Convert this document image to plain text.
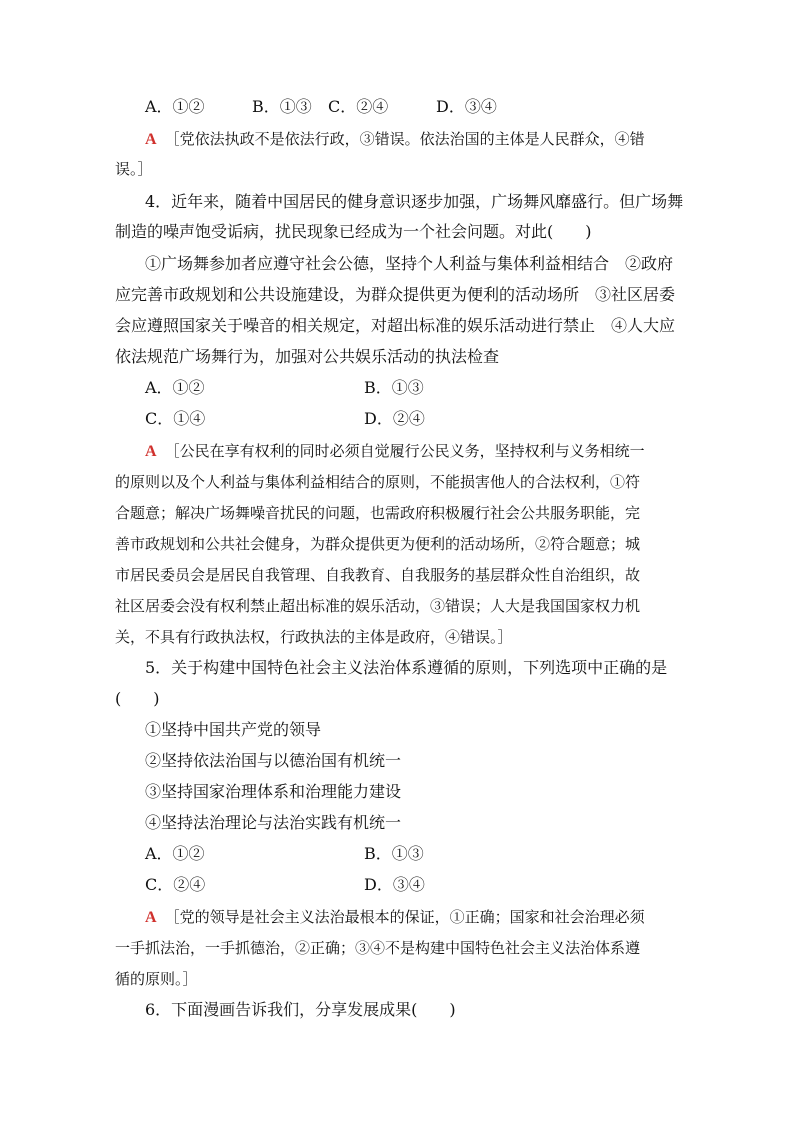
A．①②	B．①③ C．②④	D．③④
A ［党依法执政不是依法行政，③错误。依法治国的主体是人民群众，④错
误。］
4．近年来，随着中国居民的健身意识逐步加强，广场舞风靡盛行。但广场舞
制造的噪声饱受诟病，扰民现象已经成为一个社会问题。对此(　　)
①广场舞参加者应遵守社会公德，坚持个人利益与集体利益相结合　②政府
应完善市政规划和公共设施建设，为群众提供更为便利的活动场所　③社区居委
会应遵照国家关于噪音的相关规定，对超出标准的娱乐活动进行禁止　④人大应
依法规范广场舞行为，加强对公共娱乐活动的执法检查
A．①②	B．①③
C．①④	D．②④
A ［公民在享有权利的同时必须自觉履行公民义务，坚持权利与义务相统一
的原则以及个人利益与集体利益相结合的原则，不能损害他人的合法权利，①符
合题意；解决广场舞噪音扰民的问题，也需政府积极履行社会公共服务职能，完
善市政规划和公共社会健身，为群众提供更为便利的活动场所，②符合题意；城
市居民委员会是居民自我管理、自我教育、自我服务的基层群众性自治组织，故
社区居委会没有权利禁止超出标准的娱乐活动，③错误；人大是我国国家权力机
关，不具有行政执法权，行政执法的主体是政府，④错误。］
5．关于构建中国特色社会主义法治体系遵循的原则，下列选项中正确的是
(　　)
①坚持中国共产党的领导
②坚持依法治国与以德治国有机统一
③坚持国家治理体系和治理能力建设
④坚持法治理论与法治实践有机统一
A．①②	B．①③
C．②④	D．③④
A ［党的领导是社会主义法治最根本的保证，①正确；国家和社会治理必须
一手抓法治，一手抓德治，②正确；③④不是构建中国特色社会主义法治体系遵
循的原则。］
6．下面漫画告诉我们，分享发展成果(　　)
